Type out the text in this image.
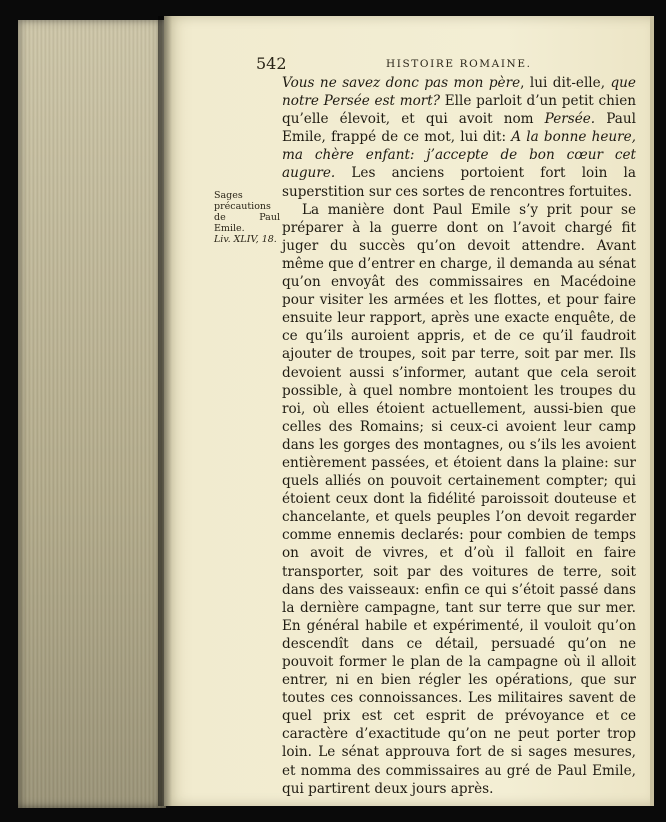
542	HISTOIRE ROMAINE.
Sages précautions de Paul Emile.
Liv. XLIV, 18.

Vous ne savez donc pas mon père, lui dit-elle, que notre Persée est mort? Elle parloit d’un petit chien qu’elle élevoit, et qui avoit nom Persée. Paul Emile, frappé de ce mot, lui dit: A la bonne heure, ma chère enfant: j’accepte de bon cœur cet augure. Les anciens portoient fort loin la superstition sur ces sortes de rencontres fortuites.

La manière dont Paul Emile s’y prit pour se préparer à la guerre dont on l’avoit chargé fit juger du succès qu’on devoit attendre. Avant même que d’entrer en charge, il demanda au sénat qu’on envoyât des commissaires en Macédoine pour visiter les armées et les flottes, et pour faire ensuite leur rapport, après une exacte enquête, de ce qu’ils auroient appris, et de ce qu’il faudroit ajouter de troupes, soit par terre, soit par mer. Ils devoient aussi s’informer, autant que cela seroit possible, à quel nombre montoient les troupes du roi, où elles étoient actuellement, aussi-bien que celles des Romains; si ceux-ci avoient leur camp dans les gorges des montagnes, ou s’ils les avoient entièrement passées, et étoient dans la plaine: sur quels alliés on pouvoit certainement compter; qui étoient ceux dont la fidélité paroissoit douteuse et chancelante, et quels peuples l’on devoit regarder comme ennemis declarés: pour combien de temps on avoit de vivres, et d’où il falloit en faire transporter, soit par des voitures de terre, soit dans des vaisseaux: enfin ce qui s’étoit passé dans la dernière campagne, tant sur terre que sur mer. En général habile et expérimenté, il vouloit qu’on descendît dans ce détail, persuadé qu’on ne pouvoit former le plan de la campagne où il alloit entrer, ni en bien régler les opérations, que sur toutes ces connoissances. Les militaires savent de quel prix est cet esprit de prévoyance et ce caractère d’exactitude qu’on ne peut porter trop loin. Le sénat approuva fort de si sages mesures, et nomma des commissaires au gré de Paul Emile, qui partirent deux jours après.
